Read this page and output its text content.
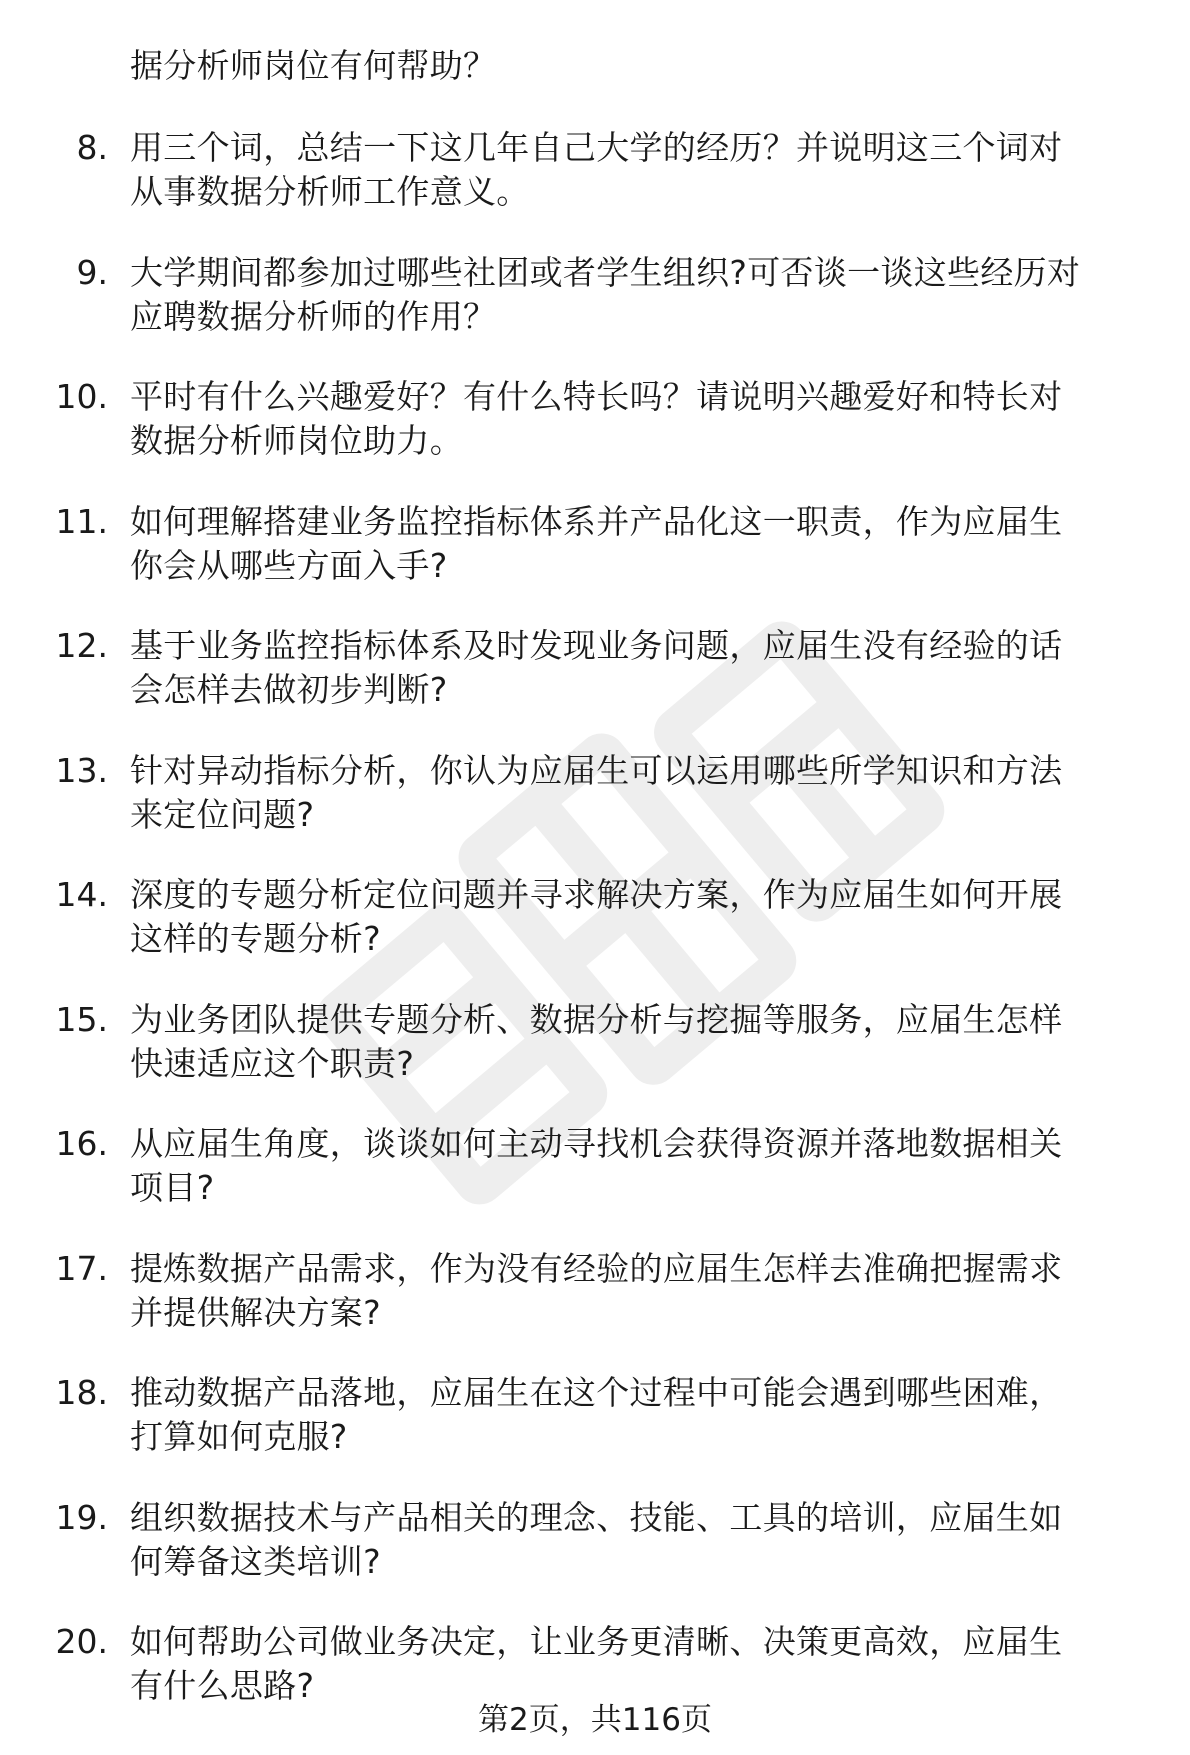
据分析师岗位有何帮助？
8. 用三个词，总结一下这几年自己大学的经历？并说明这三个词对
从事数据分析师工作意义。
9. 大学期间都参加过哪些社团或者学生组织?可否谈一谈这些经历对
应聘数据分析师的作用？
10. 平时有什么兴趣爱好？有什么特长吗？请说明兴趣爱好和特长对
数据分析师岗位助力。
11. 如何理解搭建业务监控指标体系并产品化这一职责，作为应届生
你会从哪些方面入手?
12. 基于业务监控指标体系及时发现业务问题，应届生没有经验的话
会怎样去做初步判断?
13. 针对异动指标分析，你认为应届生可以运用哪些所学知识和方法
来定位问题?
14. 深度的专题分析定位问题并寻求解决方案，作为应届生如何开展
这样的专题分析?
15. 为业务团队提供专题分析、数据分析与挖掘等服务，应届生怎样
快速适应这个职责?
16. 从应届生角度，谈谈如何主动寻找机会获得资源并落地数据相关
项目?
17. 提炼数据产品需求，作为没有经验的应届生怎样去准确把握需求
并提供解决方案?
18. 推动数据产品落地，应届生在这个过程中可能会遇到哪些困难，
打算如何克服?
19. 组织数据技术与产品相关的理念、技能、工具的培训，应届生如
何筹备这类培训?
20. 如何帮助公司做业务决定，让业务更清晰、决策更高效，应届生
有什么思路?
第2页，共116页
